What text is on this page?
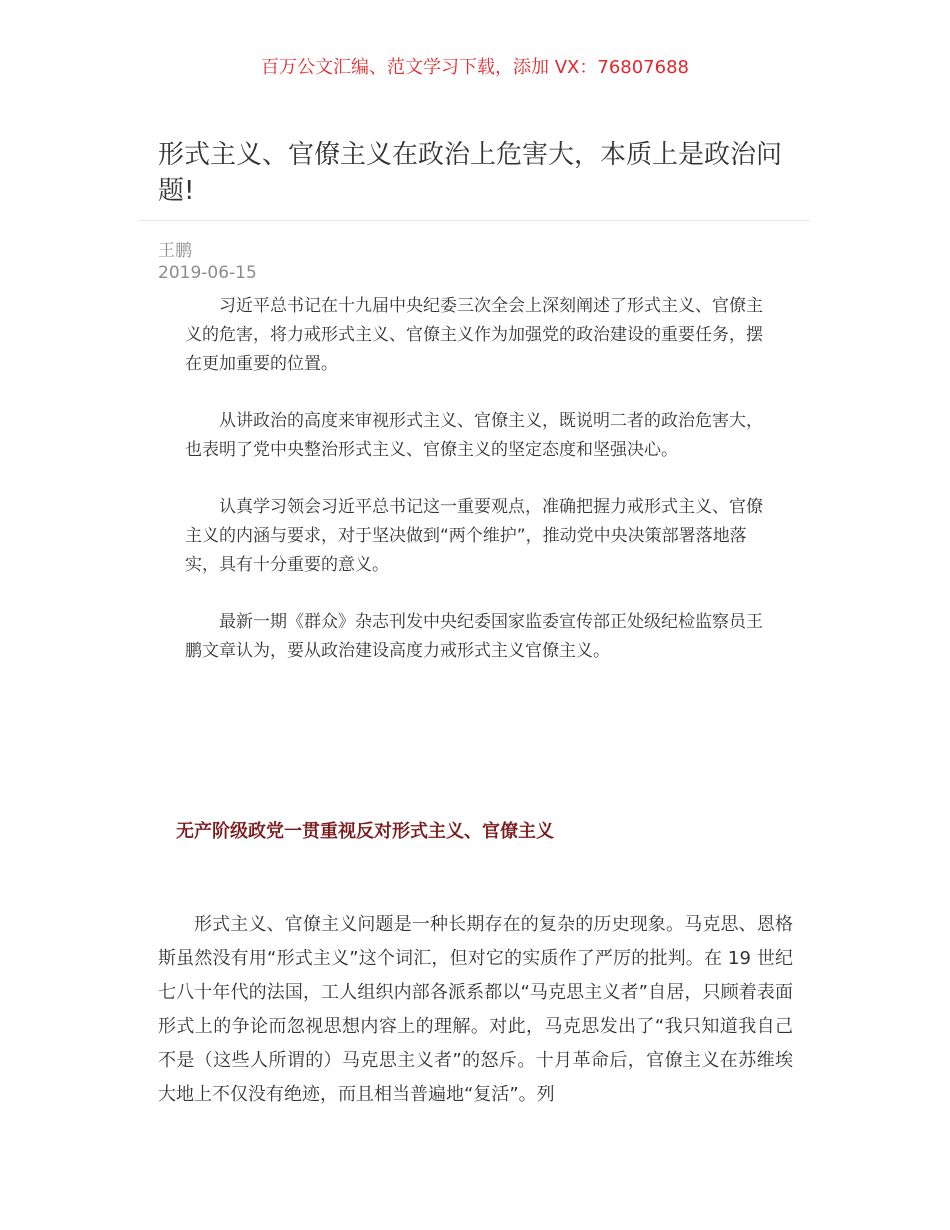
百万公文汇编、范文学习下载，添加 VX：76807688
形式主义、官僚主义在政治上危害大，本质上是政治问题!
王鹏
2019-06-15

习近平总书记在十九届中央纪委三次全会上深刻阐述了形式主义、官僚主义的危害，将力戒形式主义、官僚主义作为加强党的政治建设的重要任务，摆在更加重要的位置。

从讲政治的高度来审视形式主义、官僚主义，既说明二者的政治危害大，也表明了党中央整治形式主义、官僚主义的坚定态度和坚强决心。

认真学习领会习近平总书记这一重要观点，准确把握力戒形式主义、官僚主义的内涵与要求，对于坚决做到“两个维护”，推动党中央决策部署落地落实，具有十分重要的意义。

最新一期《群众》杂志刊发中央纪委国家监委宣传部正处级纪检监察员王鹏文章认为，要从政治建设高度力戒形式主义官僚主义。

无产阶级政党一贯重视反对形式主义、官僚主义

形式主义、官僚主义问题是一种长期存在的复杂的历史现象。马克思、恩格斯虽然没有用“形式主义”这个词汇，但对它的实质作了严厉的批判。在 19 世纪七八十年代的法国，工人组织内部各派系都以“马克思主义者”自居，只顾着表面形式上的争论而忽视思想内容上的理解。对此，马克思发出了“我只知道我自己不是（这些人所谓的）马克思主义者”的怒斥。十月革命后，官僚主义在苏维埃大地上不仅没有绝迹，而且相当普遍地“复活”。列
